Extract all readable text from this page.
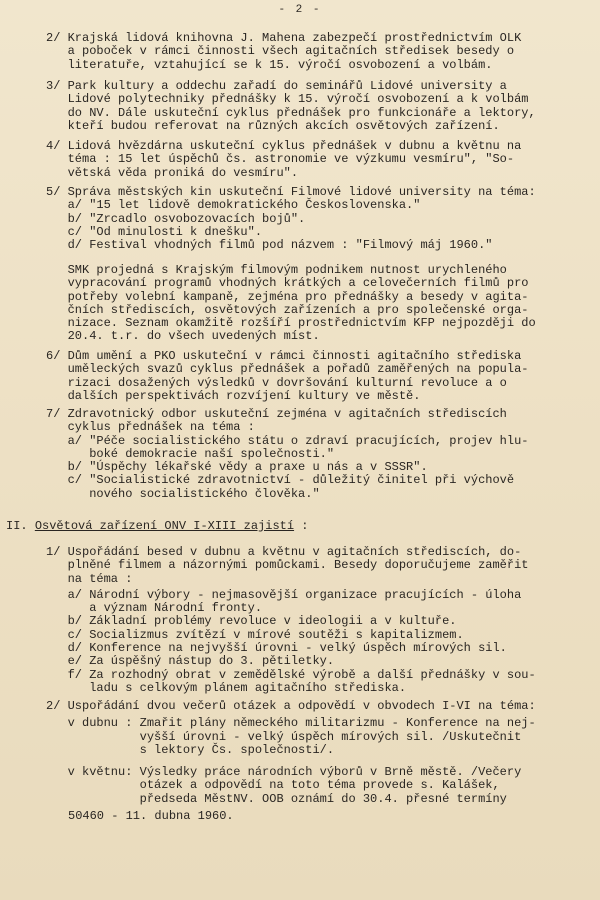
- 2 -
2/ Krajská lidová knihovna J. Mahena zabezpečí prostřednictvím OLK
a poboček v rámci činnosti všech agitačních středisek besedy o
literatuře, vztahující se k 15. výročí osvobození a volbám.
3/ Park kultury a oddechu zařadí do seminářů Lidové university a
Lidové polytechniky přednášky k 15. výročí osvobození a k volbám
do NV. Dále uskuteční cyklus přednášek pro funkcionáře a lektory,
kteří budou referovat na různých akcích osvětových zařízení.
4/ Lidová hvězdárna uskuteční cyklus přednášek v dubnu a květnu na
téma : 15 let úspěchů čs. astronomie ve výzkumu vesmíru", "So-
větská věda proniká do vesmíru".
5/ Správa městských kin uskuteční Filmové lidové university na téma:
a/ "15 let lidově demokratického Československa."
b/ "Zrcadlo osvobozovacích bojů".
c/ "Od minulosti k dnešku".
d/ Festival vhodných filmů pod názvem : "Filmový máj 1960."
SMK projedná s Krajským filmovým podnikem nutnost urychleného
vypracování programů vhodných krátkých a celovečerních filmů pro
potřeby volební kampaně, zejména pro přednášky a besedy v agita-
čních střediscích, osvětových zařízeních a pro společenské orga-
nizace. Seznam okamžitě rozšíří prostřednictvím KFP nejpozději do
20.4. t.r. do všech uvedených míst.
6/ Dům umění a PKO uskuteční v rámci činnosti agitačního střediska
uměleckých svazů cyklus přednášek a pořadů zaměřených na popula-
rizaci dosažených výsledků v dovršování kulturní revoluce a o
dalších perspektivách rozvíjení kultury ve městě.
7/ Zdravotnický odbor uskuteční zejména v agitačních střediscích
cyklus přednášek na téma :
a/ "Péče socialistického státu o zdraví pracujících, projev hlu-
boké demokracie naší společnosti."
b/ "Úspěchy lékařské vědy a praxe u nás a v SSSR".
c/ "Socialistické zdravotnictví - důležitý činitel při výchově
nového socialistického člověka."
II. Osvětová zařízení ONV I-XIII zajistí :
1/ Uspořádání besed v dubnu a květnu v agitačních střediscích, do-
plněné filmem a názornými pomůckami. Besedy doporučujeme zaměřit
na téma :
a/ Národní výbory - nejmasovější organizace pracujících - úloha
a význam Národní fronty.
b/ Základní problémy revoluce v ideologii a v kultuře.
c/ Socializmus zvítězí v mírové soutěži s kapitalizmem.
d/ Konference na nejvyšší úrovni - velký úspěch mírových sil.
e/ Za úspěšný nástup do 3. pětiletky.
f/ Za rozhodný obrat v zemědělské výrobě a další přednášky v sou-
ladu s celkovým plánem agitačního střediska.
2/ Uspořádání dvou večerů otázek a odpovědí v obvodech I-VI na téma:
v dubnu : Zmařit plány německého militarizmu - Konference na nej-
vyšší úrovni - velký úspěch mírových sil. /Uskutečnit
s lektory Čs. společnosti/.
v květnu: Výsledky práce národních výborů v Brně městě. /Večery
otázek a odpovědí na toto téma provede s. Kalášek,
předseda MěstNV. OOB oznámí do 30.4. přesné termíny
50460 - 11. dubna 1960.
